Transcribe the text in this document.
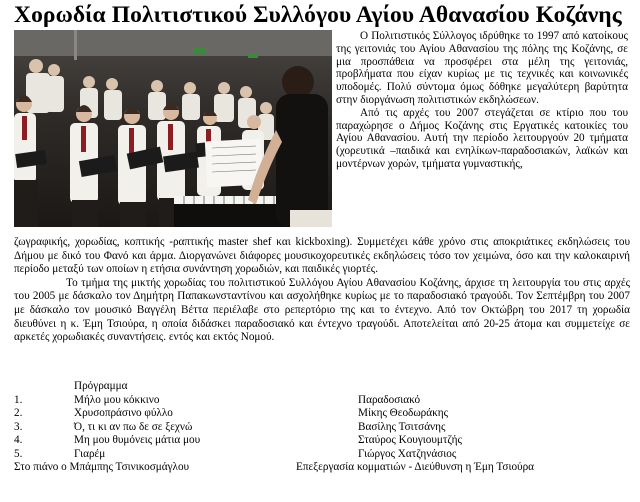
Χορωδία Πολιτιστικού Συλλόγου Αγίου Αθανασίου Κοζάνης

Ο Πολιτιστικός Σύλλογος ιδρύθηκε το 1997 από κατοίκους της γειτονιάς του Αγίου Αθανασίου της πόλης της Κοζάνης, σε μια προσπάθεια να προσφέρει στα μέλη της γειτονιάς, προβλήματα που είχαν κυρίως με τις τεχνικές και κοινωνικές υποδομές. Πολύ σύντομα όμως δόθηκε μεγαλύτερη βαρύτητα στην διοργάνωση πολιτιστικών εκδηλώσεων.

Από τις αρχές του 2007 στεγάζεται σε κτίριο που του παραχώρησε ο Δήμος Κοζάνης στις Εργατικές κατοικίες του Αγίου Αθανασίου. Αυτή την περίοδο λειτουργούν 20 τμήματα (χορευτικά –παιδικά και ενηλίκων-παραδοσιακών, λαϊκών και μοντέρνων χορών, τμήματα γυμναστικής,

ζωγραφικής, χορωδίας, κοπτικής -ραπτικής master shef και kickboxing). Συμμετέχει κάθε χρόνο στις αποκριάτικες εκδηλώσεις του Δήμου με δικό του Φανό και άρμα. Διοργανώνει διάφορες μουσικοχορευτικές εκδηλώσεις τόσο τον χειμώνα, όσο και την καλοκαιρινή περίοδο μεταξύ των οποίων η ετήσια συνάντηση χορωδιών, και παιδικές γιορτές.

Το τμήμα της μικτής χορωδίας του πολιτιστικού Συλλόγου Αγίου Αθανασίου Κοζάνης, άρχισε τη λειτουργία του στις αρχές του 2005 με δάσκαλο τον Δημήτρη Παπακωνσταντίνου και ασχολήθηκε κυρίως με το παραδοσιακό τραγούδι. Τον Σεπτέμβρη του 2007 με δάσκαλο τον μουσικό Βαγγέλη Βέττα περιέλαβε στο ρεπερτόριο της και το έντεχνο. Από τον Οκτώβρη του 2017 τη χορωδία διευθύνει η κ. Έμη Τσιούρα, η οποία διδάσκει παραδοσιακό και έντεχνο τραγούδι. Αποτελείται από 20-25 άτομα και συμμετείχε σε αρκετές χορωδιακές συναντήσεις. εντός και εκτός Νομού.

Πρόγραμμα
1.	Μήλο μου κόκκινο	Παραδοσιακό
2.	Χρυσοπράσινο φύλλο	Μίκης Θεοδωράκης
3.	Ό, τι κι αν πω δε σε ξεχνώ	Βασίλης Τσιτσάνης
4.	Μη μου θυμόνεις μάτια μου	Σταύρος Κουγιουμτζής
5.	Γιαρέμ	Γιώργος Χατζηνάσιος
Στο πιάνο ο Μπάμπης Τσινικοσμάγλου	Επεξεργασία κομματιών - Διεύθυνση η Έμη Τσιούρα
